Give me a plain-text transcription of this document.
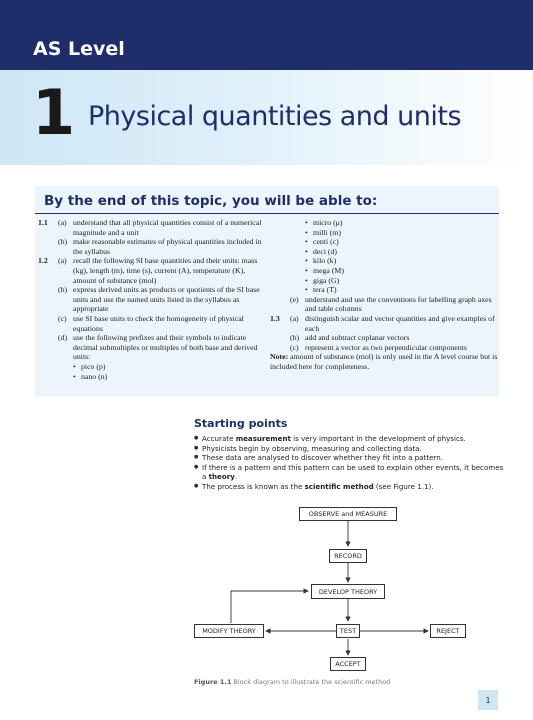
AS Level
1 Physical quantities and units
By the end of this topic, you will be able to:
1.1	(a) understand that all physical quantities consist of a numerical magnitude and a unit
(b) make reasonable estimates of physical quantities included in the syllabus
1.2	(a) recall the following SI base quantities and their units: mass (kg), length (m), time (s), current (A), temperature (K), amount of substance (mol)
(b) express derived units as products or quotients of the SI base units and use the named units listed in the syllabus as appropriate
(c) use SI base units to check the homogeneity of physical equations
(d) use the following prefixes and their symbols to indicate decimal submultiples or multiples of both base and derived units:
• pico (p)
• nano (n)
• micro (μ)
• milli (m)
• centi (c)
• deci (d)
• kilo (k)
• mega (M)
• giga (G)
• tera (T)
(e) understand and use the conventions for labelling graph axes and table columns
1.3	(a) distinguish scalar and vector quantities and give examples of each
(b) add and subtract coplanar vectors
(c) represent a vector as two perpendicular components
Note: amount of substance (mol) is only used in the A level course but is included here for completeness.
Starting points
● Accurate measurement is very important in the development of physics.
● Physicists begin by observing, measuring and collecting data.
● These data are analysed to discover whether they fit into a pattern.
● If there is a pattern and this pattern can be used to explain other events, it becomes a theory.
● The process is known as the scientific method (see Figure 1.1).
OBSERVE and MEASURE
RECORD
DEVELOP THEORY
MODIFY THEORY	TEST	REJECT
ACCEPT
Figure 1.1 Block diagram to illustrate the scientific method
1
